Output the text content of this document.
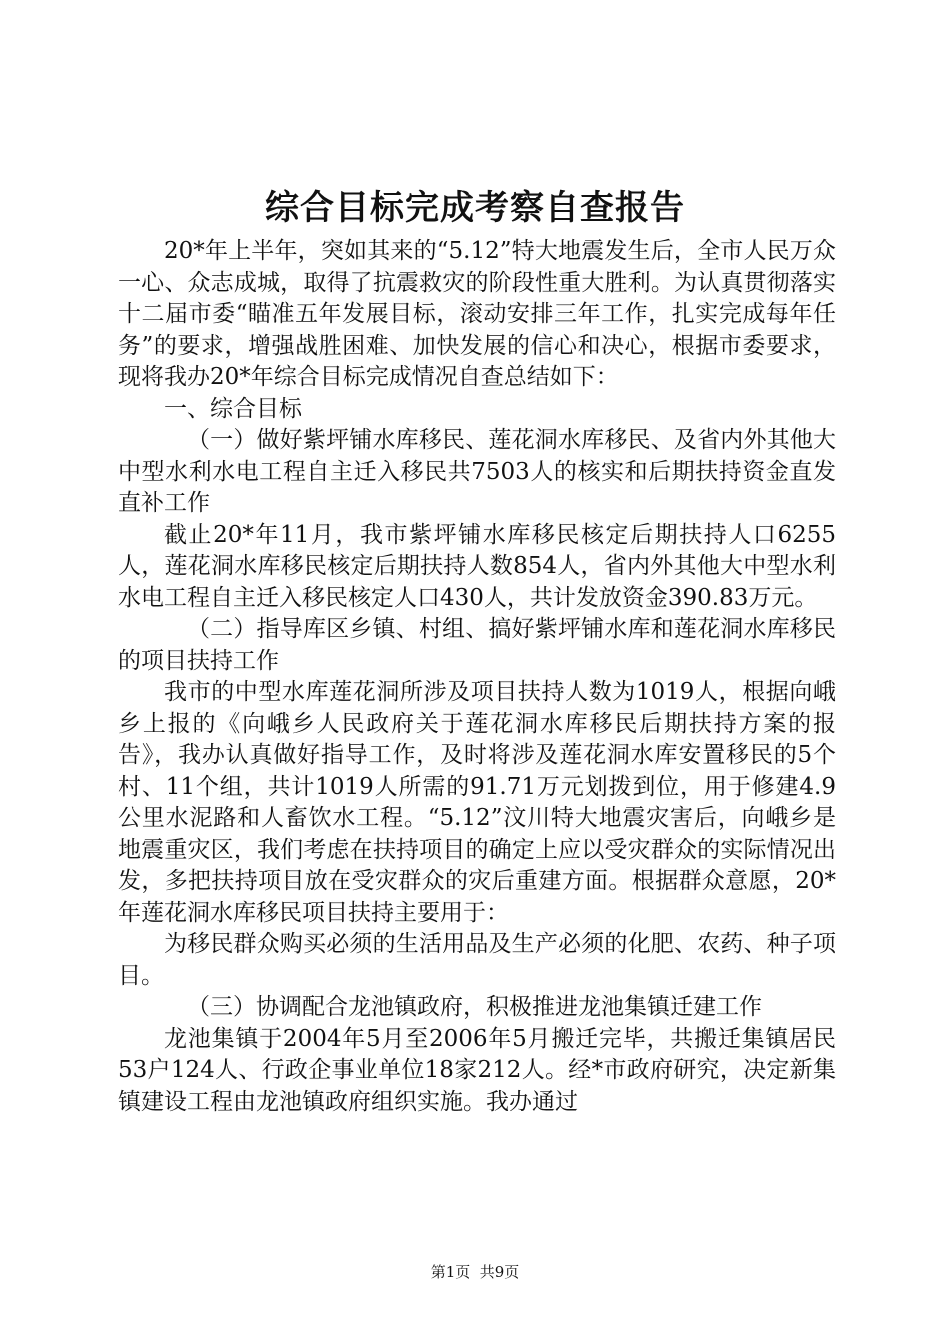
综合目标完成考察自查报告

20*年上半年，突如其来的“5.12”特大地震发生后，全市人民万众一心、众志成城，取得了抗震救灾的阶段性重大胜利。为认真贯彻落实十二届市委“瞄准五年发展目标，滚动安排三年工作，扎实完成每年任务”的要求，增强战胜困难、加快发展的信心和决心，根据市委要求，现将我办20*年综合目标完成情况自查总结如下：

一、综合目标

（一）做好紫坪铺水库移民、莲花洞水库移民、及省内外其他大中型水利水电工程自主迁入移民共7503人的核实和后期扶持资金直发直补工作

截止20*年11月，我市紫坪铺水库移民核定后期扶持人口6255人，莲花洞水库移民核定后期扶持人数854人，省内外其他大中型水利水电工程自主迁入移民核定人口430人，共计发放资金390.83万元。

（二）指导库区乡镇、村组、搞好紫坪铺水库和莲花洞水库移民的项目扶持工作

我市的中型水库莲花洞所涉及项目扶持人数为1019人，根据向峨乡上报的《向峨乡人民政府关于莲花洞水库移民后期扶持方案的报告》，我办认真做好指导工作，及时将涉及莲花洞水库安置移民的5个村、11个组，共计1019人所需的91.71万元划拨到位，用于修建4.9公里水泥路和人畜饮水工程。“5.12”汶川特大地震灾害后，向峨乡是地震重灾区，我们考虑在扶持项目的确定上应以受灾群众的实际情况出发，多把扶持项目放在受灾群众的灾后重建方面。根据群众意愿，20*年莲花洞水库移民项目扶持主要用于：

为移民群众购买必须的生活用品及生产必须的化肥、农药、种子项目。

（三）协调配合龙池镇政府，积极推进龙池集镇迁建工作

龙池集镇于2004年5月至2006年5月搬迁完毕，共搬迁集镇居民53户124人、行政企事业单位18家212人。经*市政府研究，决定新集镇建设工程由龙池镇政府组织实施。我办通过

第1页  共9页
